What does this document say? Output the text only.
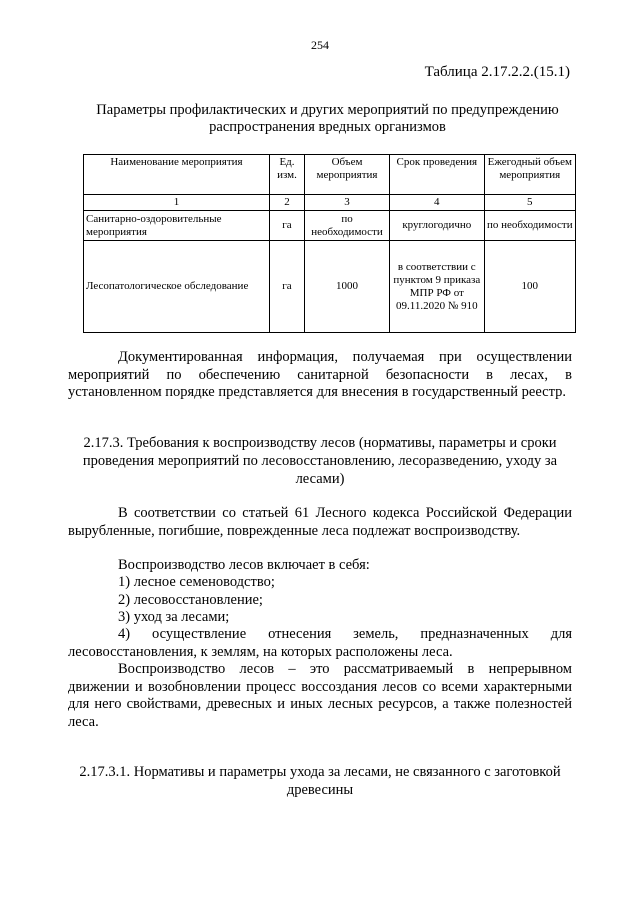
254
Таблица 2.17.2.2.(15.1)
Параметры профилактических и других мероприятий по предупреждению распространения вредных организмов
Наименование мероприятия	Ед. изм.	Объем мероприятия	Срок проведения	Ежегодный объем мероприятия
1	2	3	4	5
Санитарно-оздоровительные мероприятия	га	по необходимости	круглогодично	по необходимости
Лесопатологическое обследование	га	1000	в соответствии с пунктом 9 приказа МПР РФ от 09.11.2020 № 910	100
Документированная информация, получаемая при осуществлении мероприятий по обеспечению санитарной безопасности в лесах, в установленном порядке представляется для внесения в государственный реестр.
2.17.3. Требования к воспроизводству лесов (нормативы, параметры и сроки проведения мероприятий по лесовосстановлению, лесоразведению, уходу за лесами)
В соответствии со статьей 61 Лесного кодекса Российской Федерации вырубленные, погибшие, поврежденные леса подлежат воспроизводству.
Воспроизводство лесов включает в себя:
1) лесное семеноводство;
2) лесовосстановление;
3) уход за лесами;
4) осуществление отнесения земель, предназначенных для лесовосстановления, к землям, на которых расположены леса.
Воспроизводство лесов – это рассматриваемый в непрерывном движении и возобновлении процесс воссоздания лесов со всеми характерными для него свойствами, древесных и иных лесных ресурсов, а также полезностей леса.
2.17.3.1. Нормативы и параметры ухода за лесами, не связанного с заготовкой древесины
